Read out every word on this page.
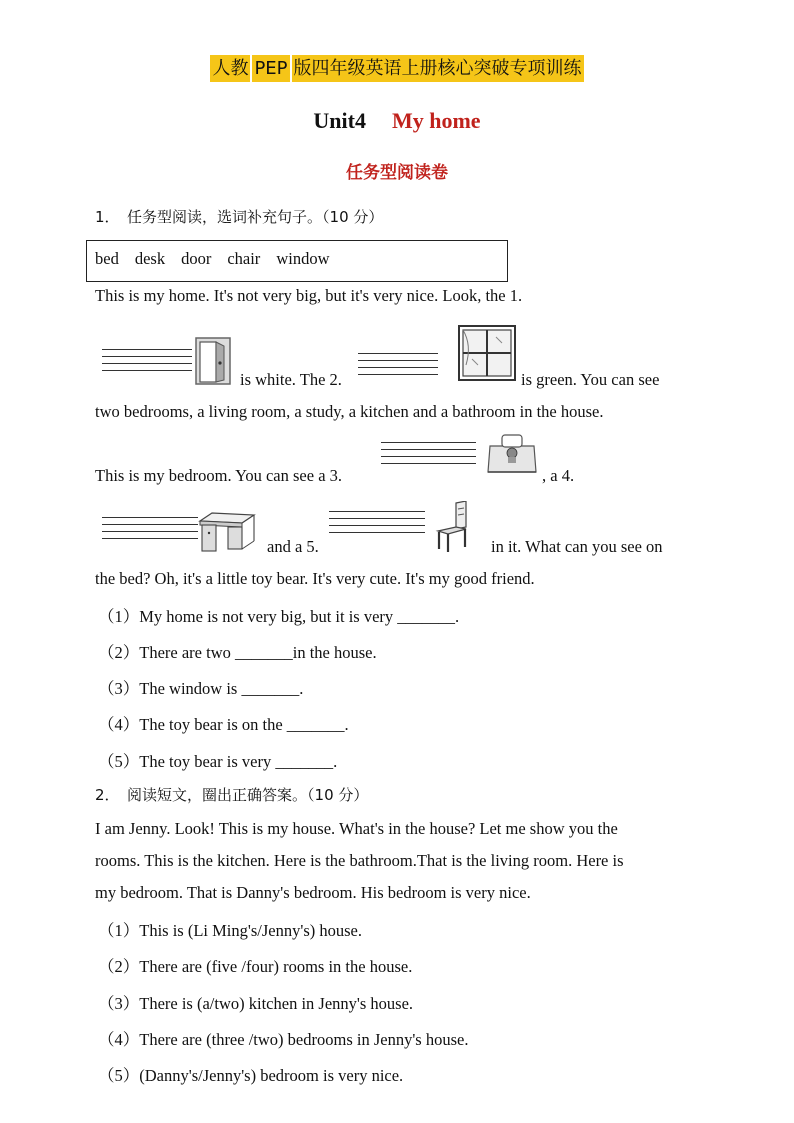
人教 PEP 版四年级英语上册核心突破专项训练
Unit4 My home
任务型阅读卷
1．　任务型阅读，选词补充句子。（10 分）
bed desk door chair window
This is my home. It's not very big, but it's very nice. Look, the 1.
is white. The 2.	is green. You can see
two bedrooms, a living room, a study, a kitchen and a bathroom in the house.
This is my bedroom. You can see a 3.	, a 4.
and a 5.	in it. What can you see on
the bed? Oh, it's a little toy bear. It's very cute. It's my good friend.
（1）My home is not very big, but it is very _______.
（2）There are two _______in the house.
（3）The window is _______.
（4）The toy bear is on the _______.
（5）The toy bear is very _______.
2．　阅读短文，圈出正确答案。（10 分）
I am Jenny. Look! This is my house. What's in the house? Let me show you the
rooms. This is the kitchen. Here is the bathroom.That is the living room. Here is
my bedroom. That is Danny's bedroom. His bedroom is very nice.
（1）This is (Li Ming's/Jenny's) house.
（2）There are (five /four) rooms in the house.
（3）There is (a/two) kitchen in Jenny's house.
（4）There are (three /two) bedrooms in Jenny's house.
（5）(Danny's/Jenny's) bedroom is very nice.
